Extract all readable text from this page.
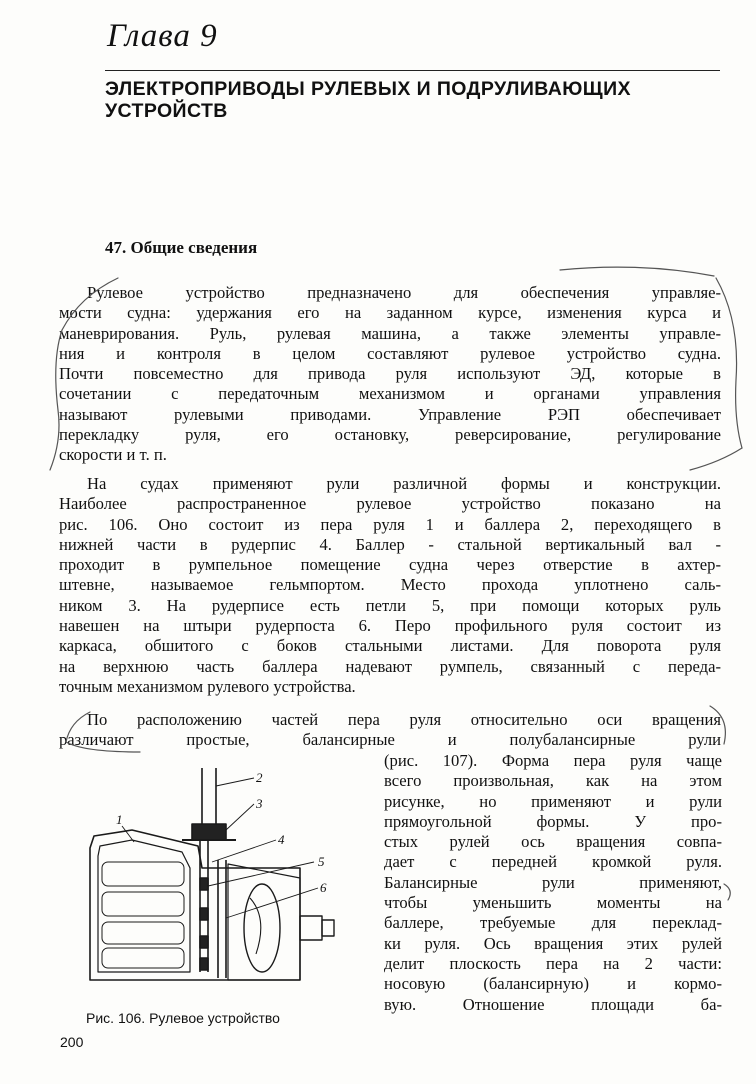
Глава 9
ЭЛЕКТРОПРИВОДЫ РУЛЕВЫХ И ПОДРУЛИВАЮЩИХ
УСТРОЙСТВ
47. Общие сведения
Рулевое устройство предназначено для обеспечения управляе-
мости судна: удержания его на заданном курсе, изменения курса и
маневрирования. Руль, рулевая машина, а также элементы управле-
ния и контроля в целом составляют рулевое устройство судна.
Почти повсеместно для привода руля используют ЭД, которые в
сочетании с передаточным механизмом и органами управления
называют рулевыми приводами. Управление РЭП обеспечивает
перекладку руля, его остановку, реверсирование, регулирование
скорости и т. п.
На судах применяют рули различной формы и конструкции.
Наиболее распространенное рулевое устройство показано на
рис. 106. Оно состоит из пера руля 1 и баллера 2, переходящего в
нижней части в рудерпис 4. Баллер - стальной вертикальный вал -
проходит в румпельное помещение судна через отверстие в ахтер-
штевне, называемое гельмпортом. Место прохода уплотнено саль-
ником 3. На рудерписе есть петли 5, при помощи которых руль
навешен на штыри рудерпоста 6. Перо профильного руля состоит из
каркаса, обшитого с боков стальными листами. Для поворота руля
на верхнюю часть баллера надевают румпель, связанный с переда-
точным механизмом рулевого устройства.
По расположению частей пера руля относительно оси вращения
различают простые, балансирные и полубалансирные рули
(рис. 107). Форма пера руля чаще
всего произвольная, как на этом
рисунке, но применяют и рули
прямоугольной формы. У про-
стых рулей ось вращения совпа-
дает с передней кромкой руля.
Балансирные рули применяют,
чтобы уменьшить моменты на
баллере, требуемые для переклад-
ки руля. Ось вращения этих рулей
делит плоскость пера на 2 части:
носовую (балансирную) и кормо-
вую. Отношение площади ба-
1
2
3
4
5
6
Рис. 106. Рулевое устройство
200
